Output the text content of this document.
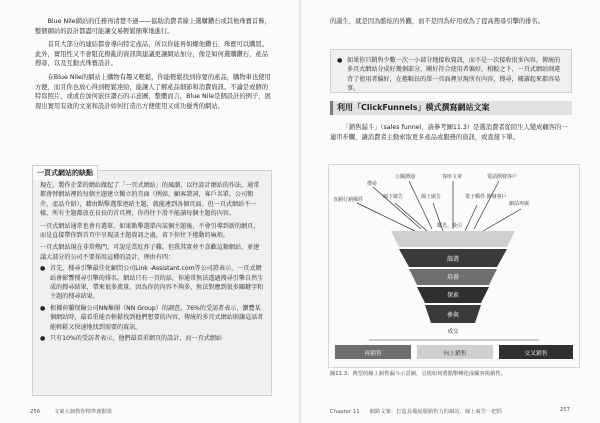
Blue Nile網站的任務再清楚不過——協助消費者線上選購鑽石或其他珠寶首飾，整個網站的設計都盡可能讓交易輕鬆簡單地進行。

首頁大部分的連結都會導向特定產品，所以你能再如螺他鑽石、珠寶可以購買。此外，實用性又不會阻花撩亂的資訊與建議更讓網站加分，像是如何選購鑽石，產品搜尋，以及互動式珠寶設計。

在Blue Nile的網站上購物有趣又輕鬆，你能輕鬆找到你要的產品，購物車也使用方便，而且你也放心得到輕鬆達給，能讓人了解產品細節和消費資訊。不論是或個的特寫照片，或或台加何嵌住讚石的示意圖，整體而言，Blue Nile是個設計的例子，展現出實用有效的文案和設計如何打造出方便使用又成功優秀的網站。

一頁式網站的缺點

現在，製作企業的網站做起了「一頁式網站」的風潮，以往設計網站的作法，通常都會替網站裡的每個主題建立獨立的頁面（例如，顧客證詞，客戶名單，公司簡介，產品介紹），藉由點擊選單連結主題，就能連到各個頁面。但一頁式網站不一樣，所有主題都放在長長的首頁裡，你得往下滑不能讀每個主題的內容。

一頁式網站通常也會有選單，如果點擊選單內某個主題後，不會引導到新的網頁，而是直接帶你到首頁中呈現該主題資訊之處，省下你往下捲動的麻煩。

一頁式網站現在非常熱門，可說是當紅炸子雞。但我其實並不喜歡這類網站，並建議大部分的公司不要採用這種的設計，理由有四：

● 首先，搜尋引擎最佳化顧問公司Link -Assistant.com等公司證表示，一頁式網站會影響搜尋引擎的排名。網站只有一頁的話，你通常無法透過搜尋引擎自然生成的搜尋結果，帶來很多流量。因為你的內容不夠多，無法對應到很多關鍵字和主題的搜尋結果。
● 根據荷蘭保險公司NN集團（NN Group）的調查，76%的受訪者表示，瀏覽某個網站時，最看重能否輕鬆找到他們想要的內容，傳統的多頁式網站則讓這話者能輕鬆又快速地找到需要的資訊。
● 只有10%的受訪者表示，他們最看重網頁的設計，而一頁式網站
256	文案大師教你精準創勤策

的誕生，就是因為酷炫的外觀，而不是因為好用或為了提高搜尋引擎的排名。

● 如果你只銷售少數一次一小部分地接收資訊，而不是一次接收很多內容，傳統的多頁式網站分成好幾個部分，剛好符合使用者偏好，相較之下，一頁式網站則違背了使用者偏好，在捲幅長的單一頁面裡呈現所有內容，搜尋，閱讀起來都容易事。
利用「ClickFunnels」模式撰寫網站文案

「銷售漏斗」（sales funnel，請參考圖11.3）是選消費者從陌生人變成顧客的一連串步驟，讓消費者主動索取更多產品或服務的資訊，或直接下單。

搜尋
公關溝通	客座文章	電話開發客戶
直銷行銷郵件	線下廣告	線上廣告	電子郵件 開發客戶
網站再廣
曝光、吸引
篩選
培養
探索
參與
成交
再銷售	向上銷售	交叉銷售
圖11.3：典型的線上銷售漏斗示意圖，呈現如何將點擊轉化成顧客與銷售。
Chapter 11 網路文案：打造具備說服銷售力的網站、線上廣告一把抓	257
